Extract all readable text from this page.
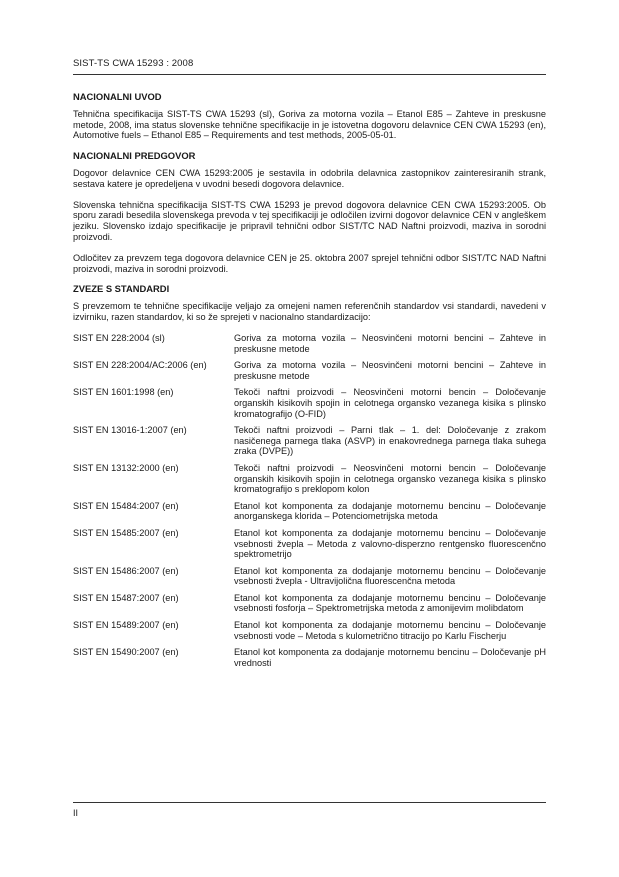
SIST-TS CWA 15293 : 2008
NACIONALNI UVOD

Tehnična specifikacija SIST-TS CWA 15293 (sl), Goriva za motorna vozila – Etanol E85 – Zahteve in preskusne metode, 2008, ima status slovenske tehnične specifikacije in je istovetna dogovoru delavnice CEN CWA 15293 (en), Automotive fuels – Ethanol E85 – Requirements and test methods, 2005-05-01.

NACIONALNI PREDGOVOR

Dogovor delavnice CEN CWA 15293:2005 je sestavila in odobrila delavnica zastopnikov zainteresiranih strank, sestava katere je opredeljena v uvodni besedi dogovora delavnice.

Slovenska tehnična specifikacija SIST-TS CWA 15293 je prevod dogovora delavnice CEN CWA 15293:2005. Ob sporu zaradi besedila slovenskega prevoda v tej specifikaciji je odločilen izvirni dogovor delavnice CEN v angleškem jeziku. Slovensko izdajo specifikacije je pripravil tehnični odbor SIST/TC NAD Naftni proizvodi, maziva in sorodni proizvodi.

Odločitev za prevzem tega dogovora delavnice CEN je 25. oktobra 2007 sprejel tehnični odbor SIST/TC NAD Naftni proizvodi, maziva in sorodni proizvodi.

ZVEZE S STANDARDI

S prevzemom te tehnične specifikacije veljajo za omejeni namen referenčnih standardov vsi standardi, navedeni v izvirniku, razen standardov, ki so že sprejeti v nacionalno standardizacijo:

SIST EN 228:2004 (sl)	Goriva za motorna vozila – Neosvinčeni motorni bencini – Zahteve in preskusne metode
SIST EN 228:2004/AC:2006 (en)	Goriva za motorna vozila – Neosvinčeni motorni bencini – Zahteve in preskusne metode
SIST EN 1601:1998 (en)	Tekoči naftni proizvodi – Neosvinčeni motorni bencin – Določevanje organskih kisikovih spojin in celotnega organsko vezanega kisika s plinsko kromatografijo (O-FID)
SIST EN 13016-1:2007 (en)	Tekoči naftni proizvodi – Parni tlak – 1. del: Določevanje z zrakom nasičenega parnega tlaka (ASVP) in enakovrednega parnega tlaka suhega zraka (DVPE))
SIST EN 13132:2000 (en)	Tekoči naftni proizvodi – Neosvinčeni motorni bencin – Določevanje organskih kisikovih spojin in celotnega organsko vezanega kisika s plinsko kromatografijo s preklopom kolon
SIST EN 15484:2007 (en)	Etanol kot komponenta za dodajanje motornemu bencinu – Določevanje anorganskega klorida – Potenciometrijska metoda
SIST EN 15485:2007 (en)	Etanol kot komponenta za dodajanje motornemu bencinu – Določevanje vsebnosti žvepla – Metoda z valovno-disperzno rentgensko fluorescenčno spektrometrijo
SIST EN 15486:2007 (en)	Etanol kot komponenta za dodajanje motornemu bencinu – Določevanje vsebnosti žvepla - Ultravijolična fluorescenčna metoda
SIST EN 15487:2007 (en)	Etanol kot komponenta za dodajanje motornemu bencinu – Določevanje vsebnosti fosforja – Spektrometrijska metoda z amonijevim molibdatom
SIST EN 15489:2007 (en)	Etanol kot komponenta za dodajanje motornemu bencinu – Določevanje vsebnosti vode – Metoda s kulometrično titracijo po Karlu Fischerju
SIST EN 15490:2007 (en)	Etanol kot komponenta za dodajanje motornemu bencinu – Določevanje pH vrednosti
II
